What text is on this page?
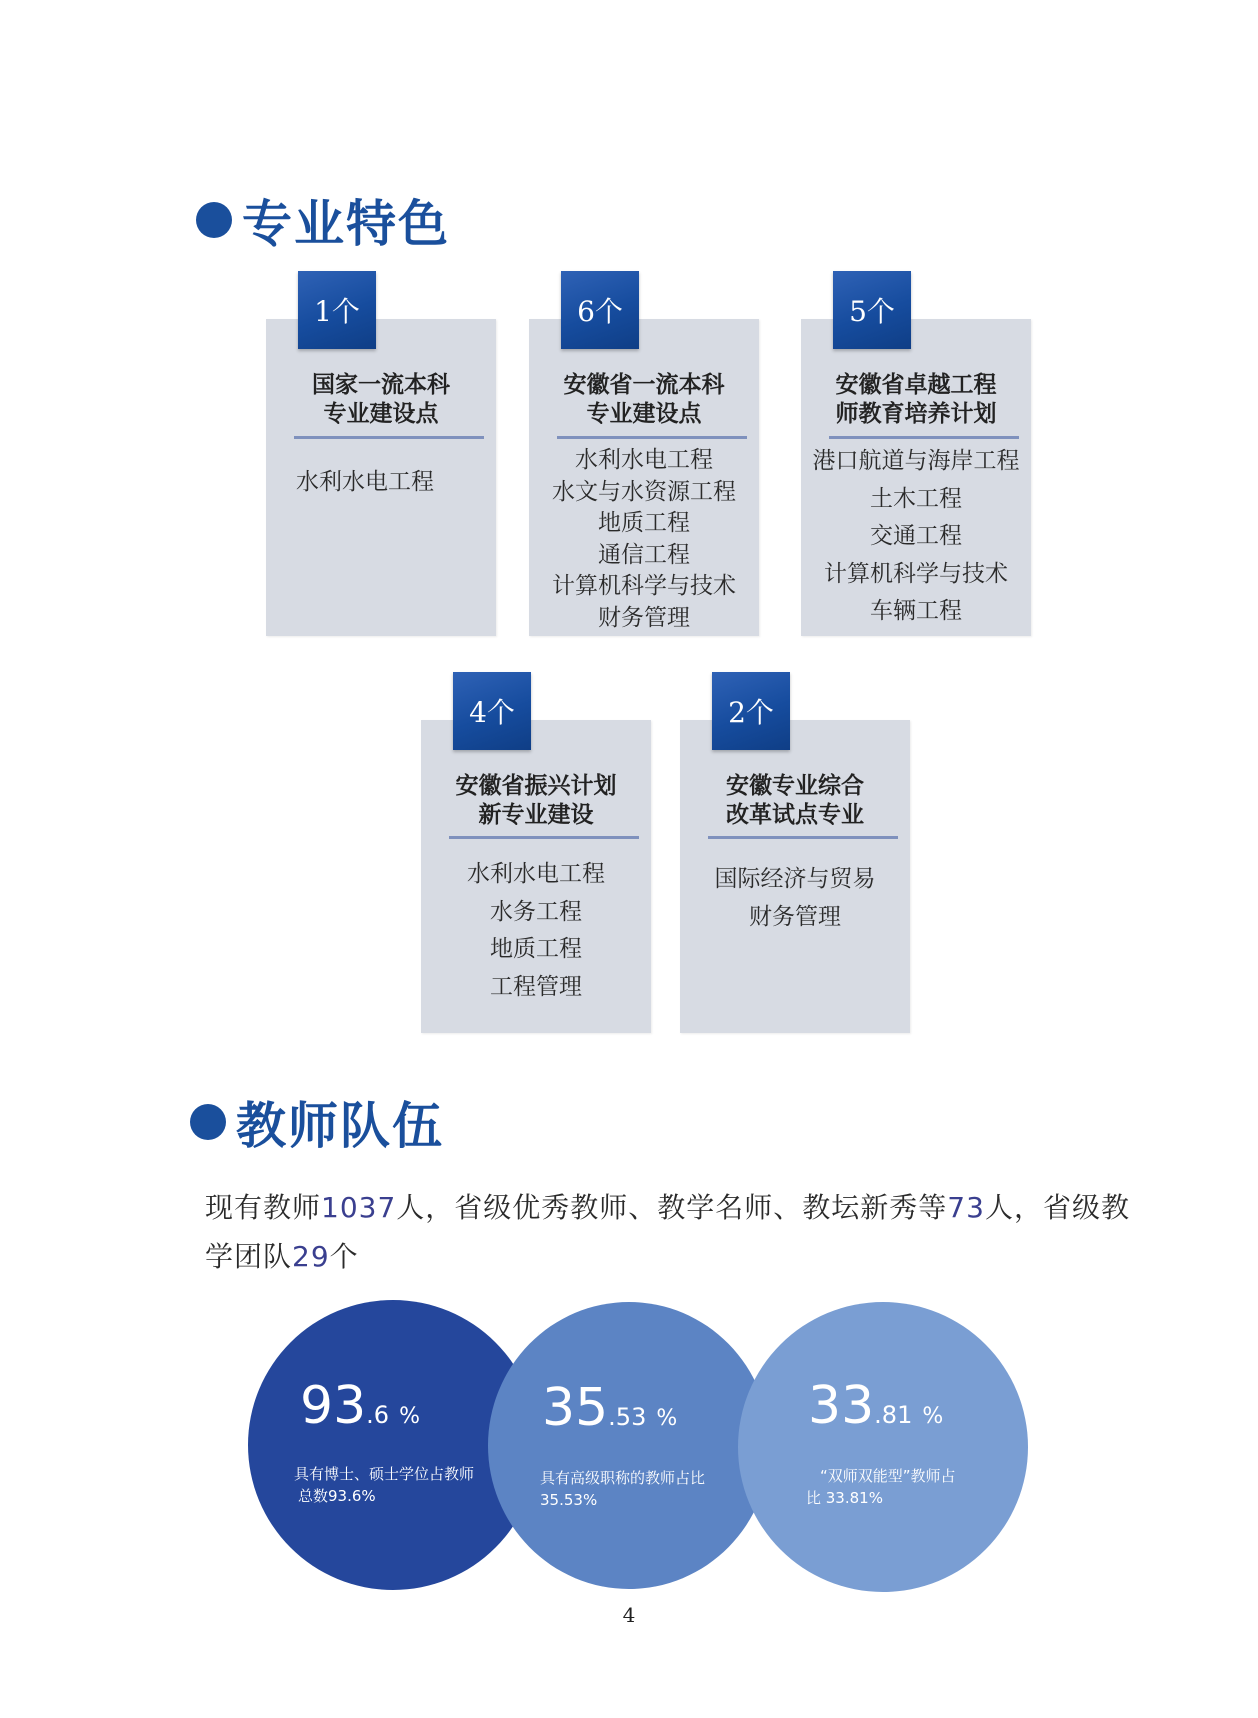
专业特色
1个
国家一流本科
专业建设点
水利水电工程
6个
安徽省一流本科
专业建设点
水利水电工程
水文与水资源工程
地质工程
通信工程
计算机科学与技术
财务管理
5个
安徽省卓越工程
师教育培养计划
港口航道与海岸工程
土木工程
交通工程
计算机科学与技术
车辆工程
4个
安徽省振兴计划
新专业建设
水利水电工程
水务工程
地质工程
工程管理
2个
安徽专业综合
改革试点专业
国际经济与贸易
财务管理
教师队伍
现有教师1037人，省级优秀教师、教学名师、教坛新秀等73人，省级教学团队29个
93.6 %
具有博士、硕士学位占教师
总数93.6%
35.53 %
具有高级职称的教师占比
35.53%
33.81 %
“双师双能型”教师占
比 33.81%
4
